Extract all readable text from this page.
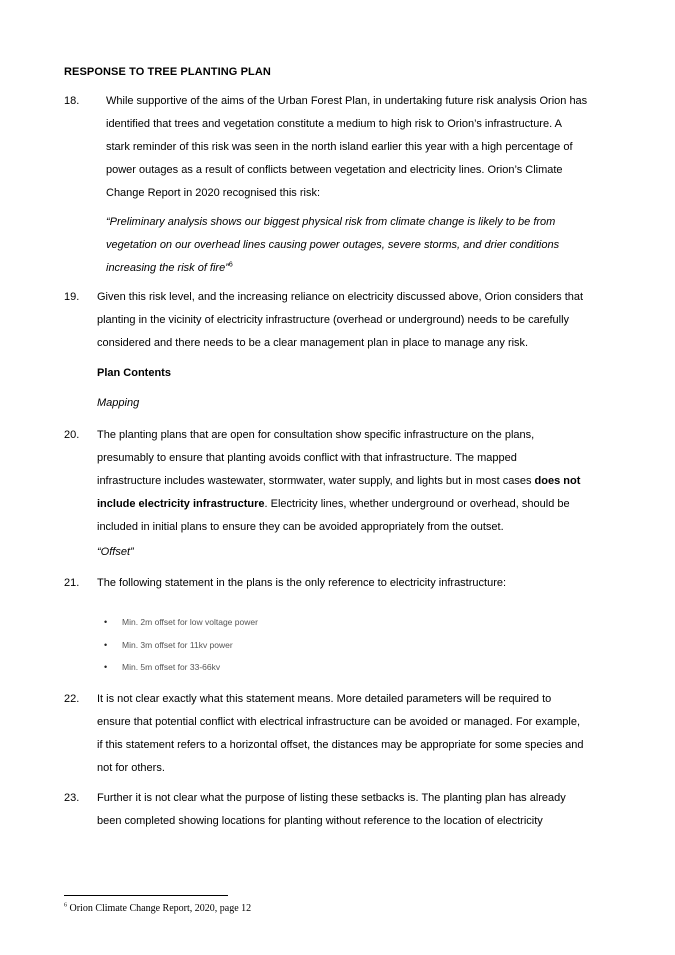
RESPONSE TO TREE PLANTING PLAN
18.	While supportive of the aims of the Urban Forest Plan, in undertaking future risk analysis Orion has
identified that trees and vegetation constitute a medium to high risk to Orion’s infrastructure. A
stark reminder of this risk was seen in the north island earlier this year with a high percentage of
power outages as a result of conflicts between vegetation and electricity lines. Orion’s Climate
Change Report in 2020 recognised this risk:
“Preliminary analysis shows our biggest physical risk from climate change is likely to be from
vegetation on our overhead lines causing power outages, severe storms, and drier conditions
increasing the risk of fire”$^6$
19.	Given this risk level, and the increasing reliance on electricity discussed above, Orion considers that
planting in the vicinity of electricity infrastructure (overhead or underground) needs to be carefully
considered and there needs to be a clear management plan in place to manage any risk.
Plan Contents
Mapping
20.	The planting plans that are open for consultation show specific infrastructure on the plans,
presumably to ensure that planting avoids conflict with that infrastructure. The mapped
infrastructure includes wastewater, stormwater, water supply, and lights but in most cases does not
include electricity infrastructure. Electricity lines, whether underground or overhead, should be
included in initial plans to ensure they can be avoided appropriately from the outset.
“Offset”
21.	The following statement in the plans is the only reference to electricity infrastructure:
• Min. 2m offset for low voltage power
• Min. 3m offset for 11kv power
• Min. 5m offset for 33-66kv
22.	It is not clear exactly what this statement means. More detailed parameters will be required to
ensure that potential conflict with electrical infrastructure can be avoided or managed. For example,
if this statement refers to a horizontal offset, the distances may be appropriate for some species and
not for others.
23.	Further it is not clear what the purpose of listing these setbacks is. The planting plan has already
been completed showing locations for planting without reference to the location of electricity
$^6$ Orion Climate Change Report, 2020, page 12
